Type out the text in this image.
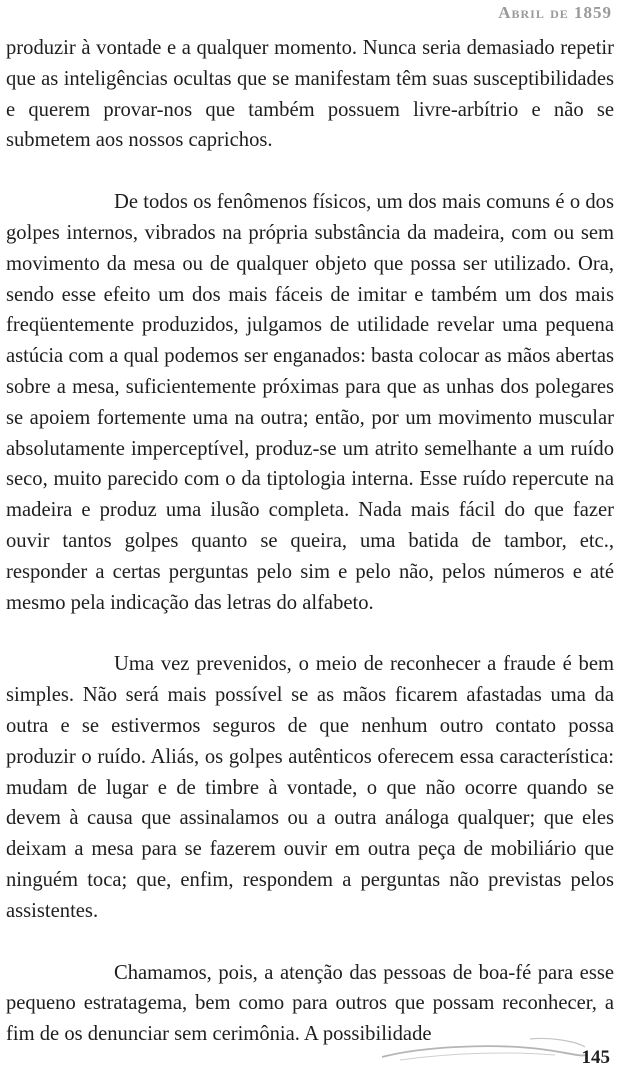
Abril de 1859

produzir à vontade e a qualquer momento. Nunca seria demasiado repetir que as inteligências ocultas que se manifestam têm suas susceptibilidades e querem provar-nos que também possuem livre-arbítrio e não se submetem aos nossos caprichos.

De todos os fenômenos físicos, um dos mais comuns é o dos golpes internos, vibrados na própria substância da madeira, com ou sem movimento da mesa ou de qualquer objeto que possa ser utilizado. Ora, sendo esse efeito um dos mais fáceis de imitar e também um dos mais freqüentemente produzidos, julgamos de utilidade revelar uma pequena astúcia com a qual podemos ser enganados: basta colocar as mãos abertas sobre a mesa, suficientemente próximas para que as unhas dos polegares se apoiem fortemente uma na outra; então, por um movimento muscular absolutamente imperceptível, produz-se um atrito semelhante a um ruído seco, muito parecido com o da tiptologia interna. Esse ruído repercute na madeira e produz uma ilusão completa. Nada mais fácil do que fazer ouvir tantos golpes quanto se queira, uma batida de tambor, etc., responder a certas perguntas pelo sim e pelo não, pelos números e até mesmo pela indicação das letras do alfabeto.

Uma vez prevenidos, o meio de reconhecer a fraude é bem simples. Não será mais possível se as mãos ficarem afastadas uma da outra e se estivermos seguros de que nenhum outro contato possa produzir o ruído. Aliás, os golpes autênticos oferecem essa característica: mudam de lugar e de timbre à vontade, o que não ocorre quando se devem à causa que assinalamos ou a outra análoga qualquer; que eles deixam a mesa para se fazerem ouvir em outra peça de mobiliário que ninguém toca; que, enfim, respondem a perguntas não previstas pelos assistentes.

Chamamos, pois, a atenção das pessoas de boa-fé para esse pequeno estratagema, bem como para outros que possam reconhecer, a fim de os denunciar sem cerimônia. A possibilidade

145
